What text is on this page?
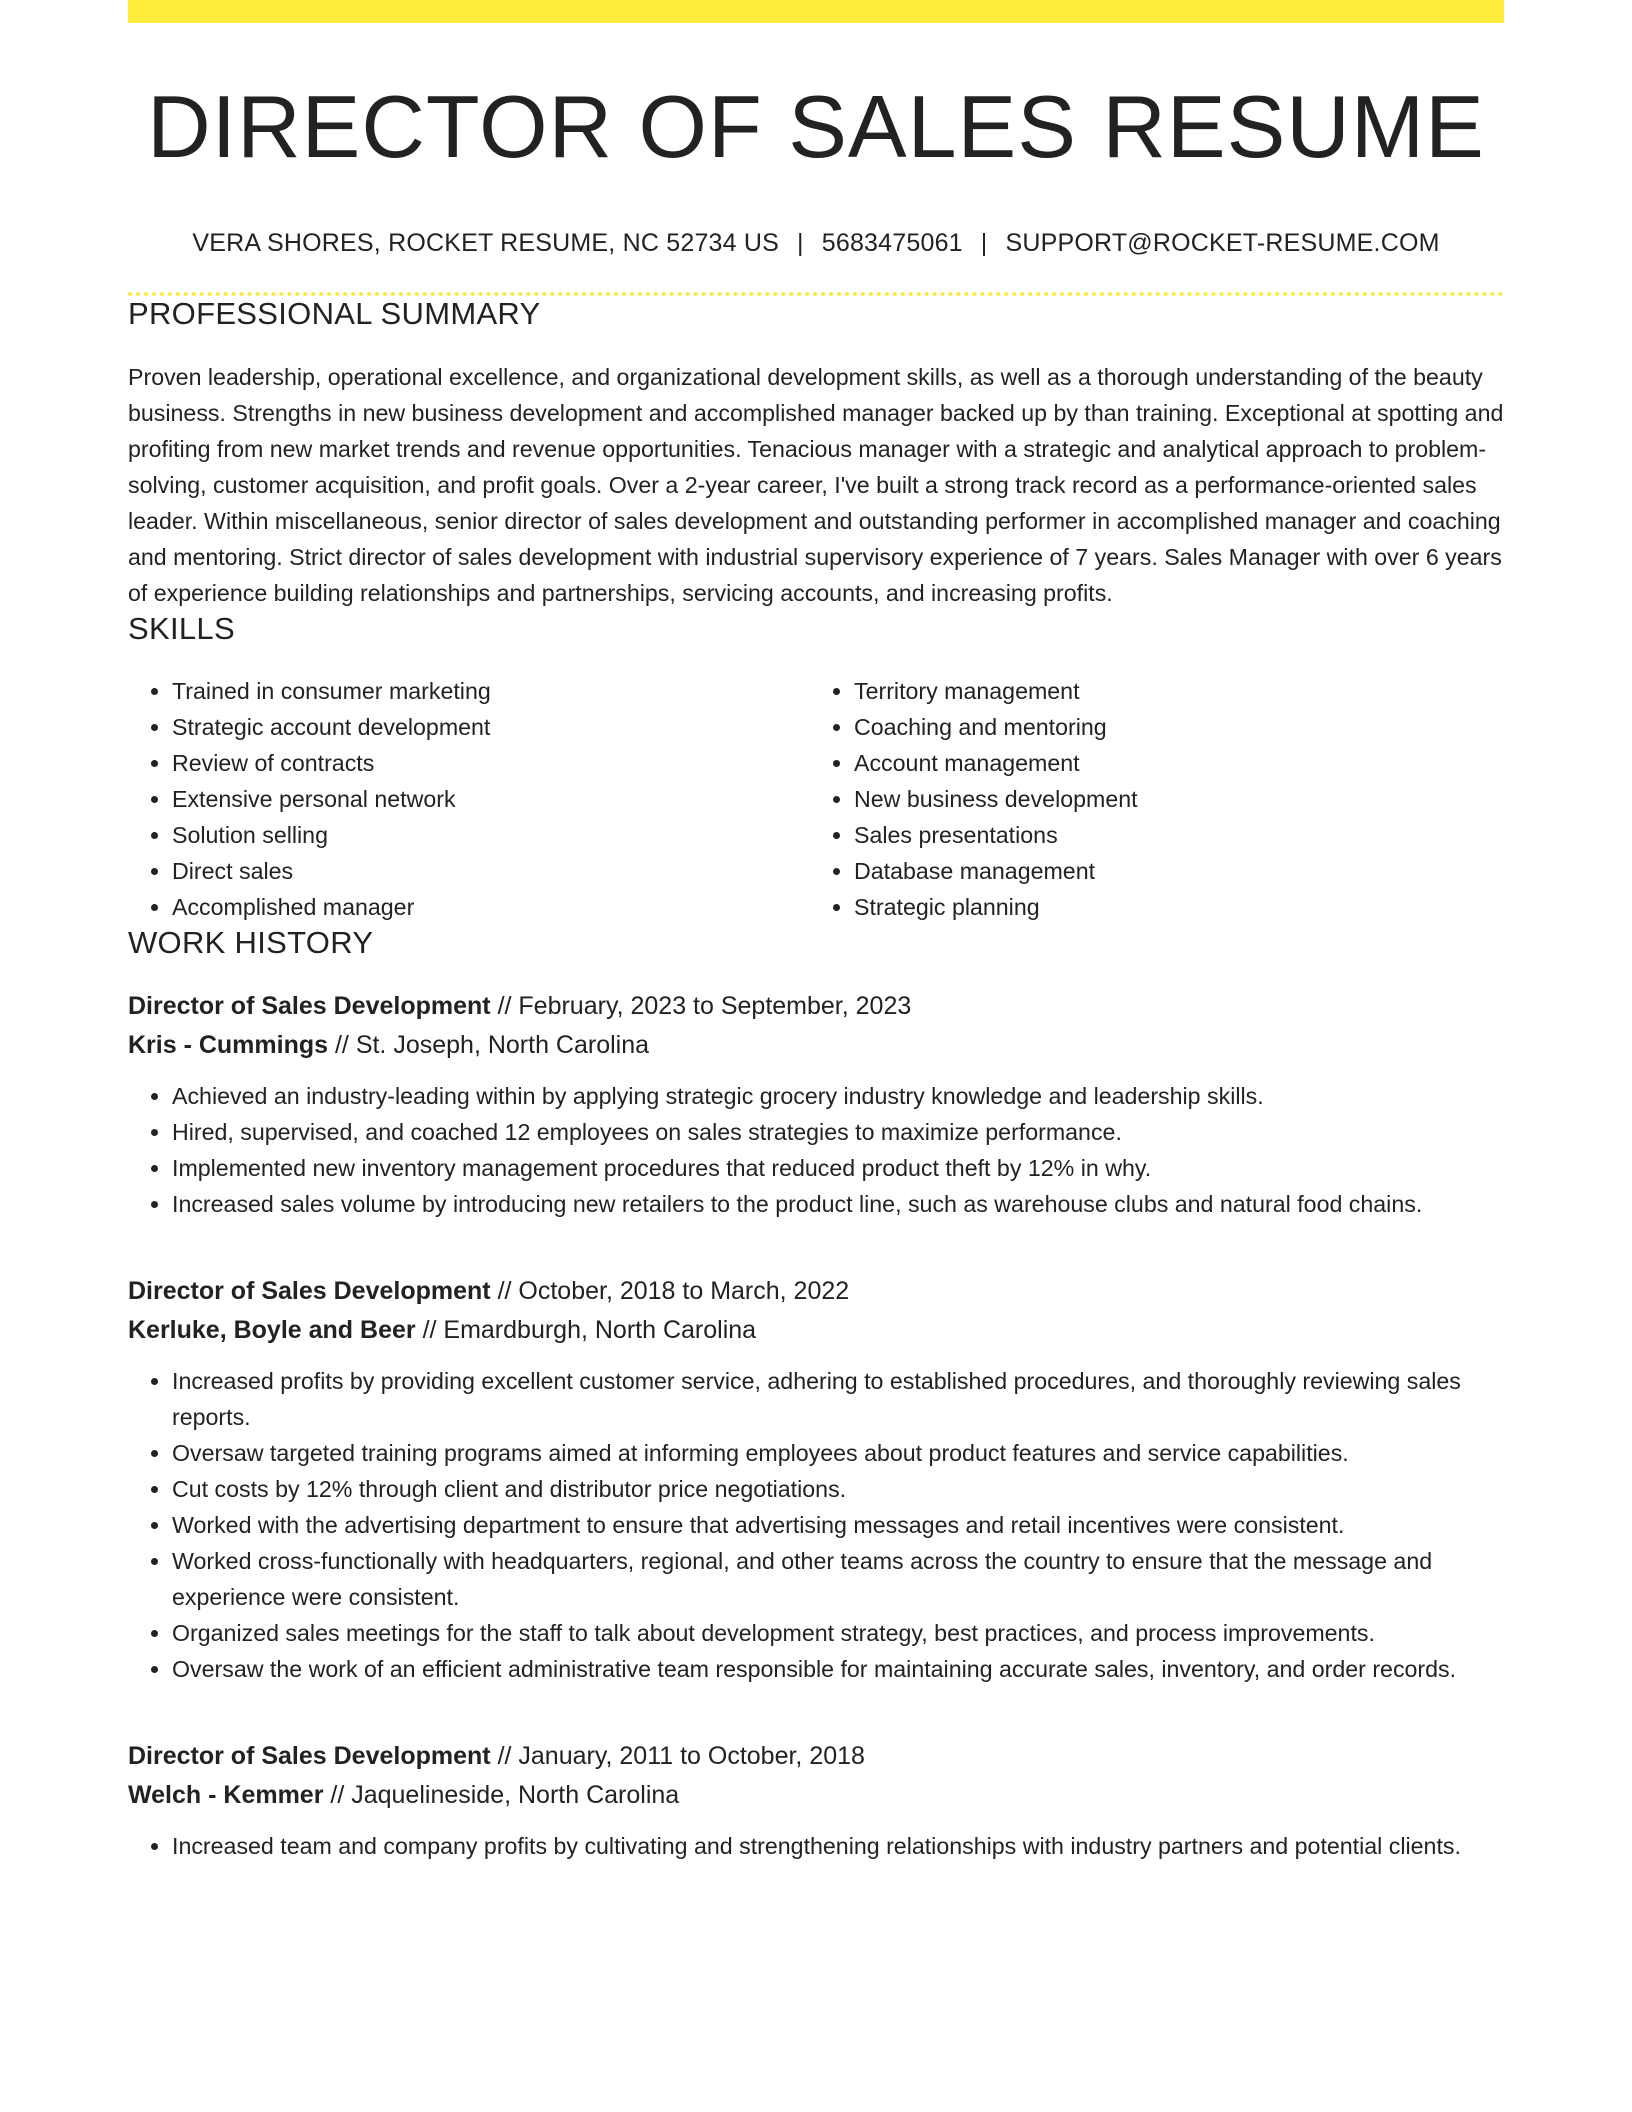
DIRECTOR OF SALES RESUME
VERA SHORES, ROCKET RESUME, NC 52734 US | 5683475061 | SUPPORT@ROCKET-RESUME.COM
PROFESSIONAL SUMMARY
Proven leadership, operational excellence, and organizational development skills, as well as a thorough understanding of the beauty business. Strengths in new business development and accomplished manager backed up by than training. Exceptional at spotting and profiting from new market trends and revenue opportunities. Tenacious manager with a strategic and analytical approach to problem-solving, customer acquisition, and profit goals. Over a 2-year career, I've built a strong track record as a performance-oriented sales leader. Within miscellaneous, senior director of sales development and outstanding performer in accomplished manager and coaching and mentoring. Strict director of sales development with industrial supervisory experience of 7 years. Sales Manager with over 6 years of experience building relationships and partnerships, servicing accounts, and increasing profits.
SKILLS
• Trained in consumer marketing
• Strategic account development
• Review of contracts
• Extensive personal network
• Solution selling
• Direct sales
• Accomplished manager
• Territory management
• Coaching and mentoring
• Account management
• New business development
• Sales presentations
• Database management
• Strategic planning
WORK HISTORY
Director of Sales Development // February, 2023 to September, 2023
Kris - Cummings // St. Joseph, North Carolina
• Achieved an industry-leading within by applying strategic grocery industry knowledge and leadership skills.
• Hired, supervised, and coached 12 employees on sales strategies to maximize performance.
• Implemented new inventory management procedures that reduced product theft by 12% in why.
• Increased sales volume by introducing new retailers to the product line, such as warehouse clubs and natural food chains.
Director of Sales Development // October, 2018 to March, 2022
Kerluke, Boyle and Beer // Emardburgh, North Carolina
• Increased profits by providing excellent customer service, adhering to established procedures, and thoroughly reviewing sales reports.
• Oversaw targeted training programs aimed at informing employees about product features and service capabilities.
• Cut costs by 12% through client and distributor price negotiations.
• Worked with the advertising department to ensure that advertising messages and retail incentives were consistent.
• Worked cross-functionally with headquarters, regional, and other teams across the country to ensure that the message and experience were consistent.
• Organized sales meetings for the staff to talk about development strategy, best practices, and process improvements.
• Oversaw the work of an efficient administrative team responsible for maintaining accurate sales, inventory, and order records.
Director of Sales Development // January, 2011 to October, 2018
Welch - Kemmer // Jaquelineside, North Carolina
• Increased team and company profits by cultivating and strengthening relationships with industry partners and potential clients.
